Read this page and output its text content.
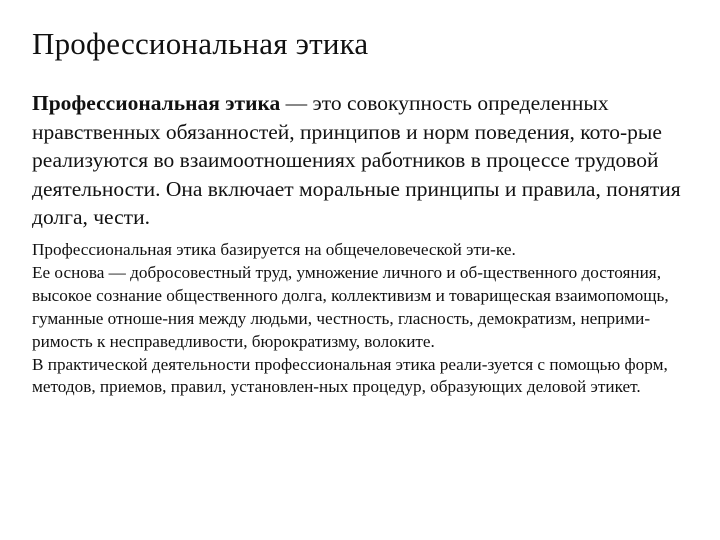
Профессиональная этика

Профессиональная этика — это совокупность определенных нравственных обязанностей, принципов и норм поведения, кото-рые реализуются во взаимоотношениях работников в процессе трудовой деятельности. Она включает моральные принципы и правила, понятия долга, чести.

Профессиональная этика базируется на общечеловеческой эти-ке.
Ее основа — добросовестный труд, умножение личного и об-щественного достояния, высокое сознание общественного долга, коллективизм и товарищеская взаимопомощь, гуманные отноше-ния между людьми, честность, гласность, демократизм, неприми-римость к несправедливости, бюрократизму, волоките.
В практической деятельности профессиональная этика реали-зуется с помощью форм, методов, приемов, правил, установлен-ных процедур, образующих деловой этикет.
